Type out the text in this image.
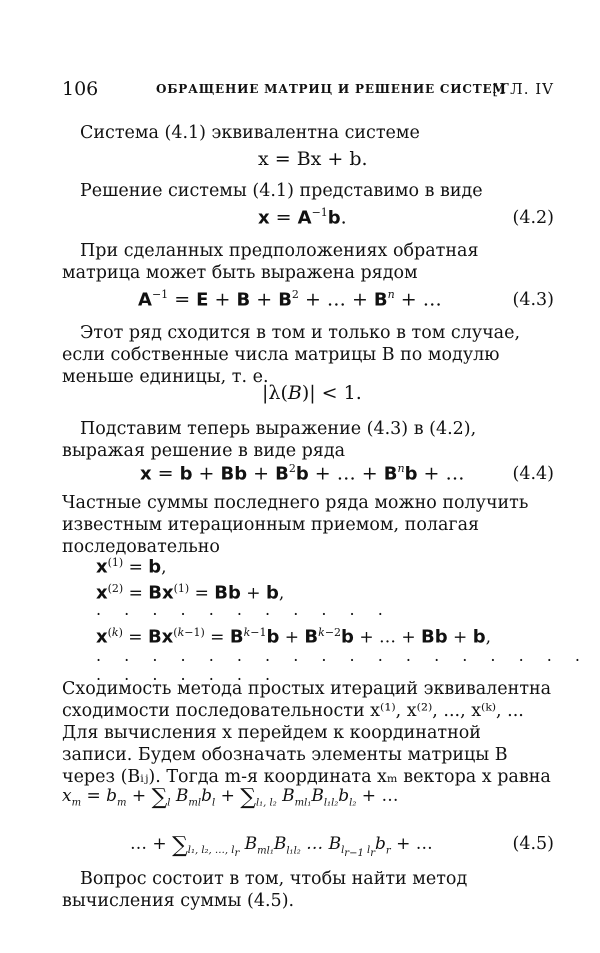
106	ОБРАЩЕНИЕ МАТРИЦ И РЕШЕНИЕ СИСТЕМ
[ГЛ. IV
Система (4.1) эквивалентна системе
x = Bx + b.
Решение системы (4.1) представимо в виде
$x = A^{-1}b$.	(4.2)
При сделанных предположениях обратная матрица может быть выражена рядом
$A^{-1} = E + B + B^2$ + … + $B^n$ + …	(4.3)
Этот ряд сходится в том и только в том случае, если собственные числа матрицы B по модулю меньше единицы, т. е.
|λ(B)| < 1.
Подставим теперь выражение (4.3) в (4.2), выражая решение в виде ряда
$x = b + Bb + B^2b$ + … + $B^nb$ + …	(4.4)
Частные суммы последнего ряда можно получить известным итерационным приемом, полагая последовательно
$x^{(1)} = b$,
$x^{(2)} = Bx^{(1)} = Bb + b$,
. . . . . . . . . . .
$x^{(k)} = Bx^{(k-1)} = B^{k-1}b + B^{k-2}b$ + … + Bb + b,
. . . . . . . . . . . . . . . . . . . . . . . . .
Сходимость метода простых итераций эквивалентна сходимости последовательности x⁽¹⁾, x⁽²⁾, ..., x⁽ᵏ⁾, ... Для вычисления x перейдем к координатной записи. Будем обозначать элементы матрицы B через (Bᵢⱼ). Тогда m-я координата xₘ вектора x равна
$x_m = b_m + \sum_l$ $B_{ml}b_l + \sum_{l_1, l_2}$ $B_{ml_1}B_{l_1l_2}b_{l_2}$ + …
… + $\sum_{l_1, l_2, \dots, l_r}$ $B_{ml_1}B_{l_1l_2}$ … $B_{l_{r-1} l_r}b_r$ + …	(4.5)
Вопрос состоит в том, чтобы найти метод вычисления суммы (4.5).
